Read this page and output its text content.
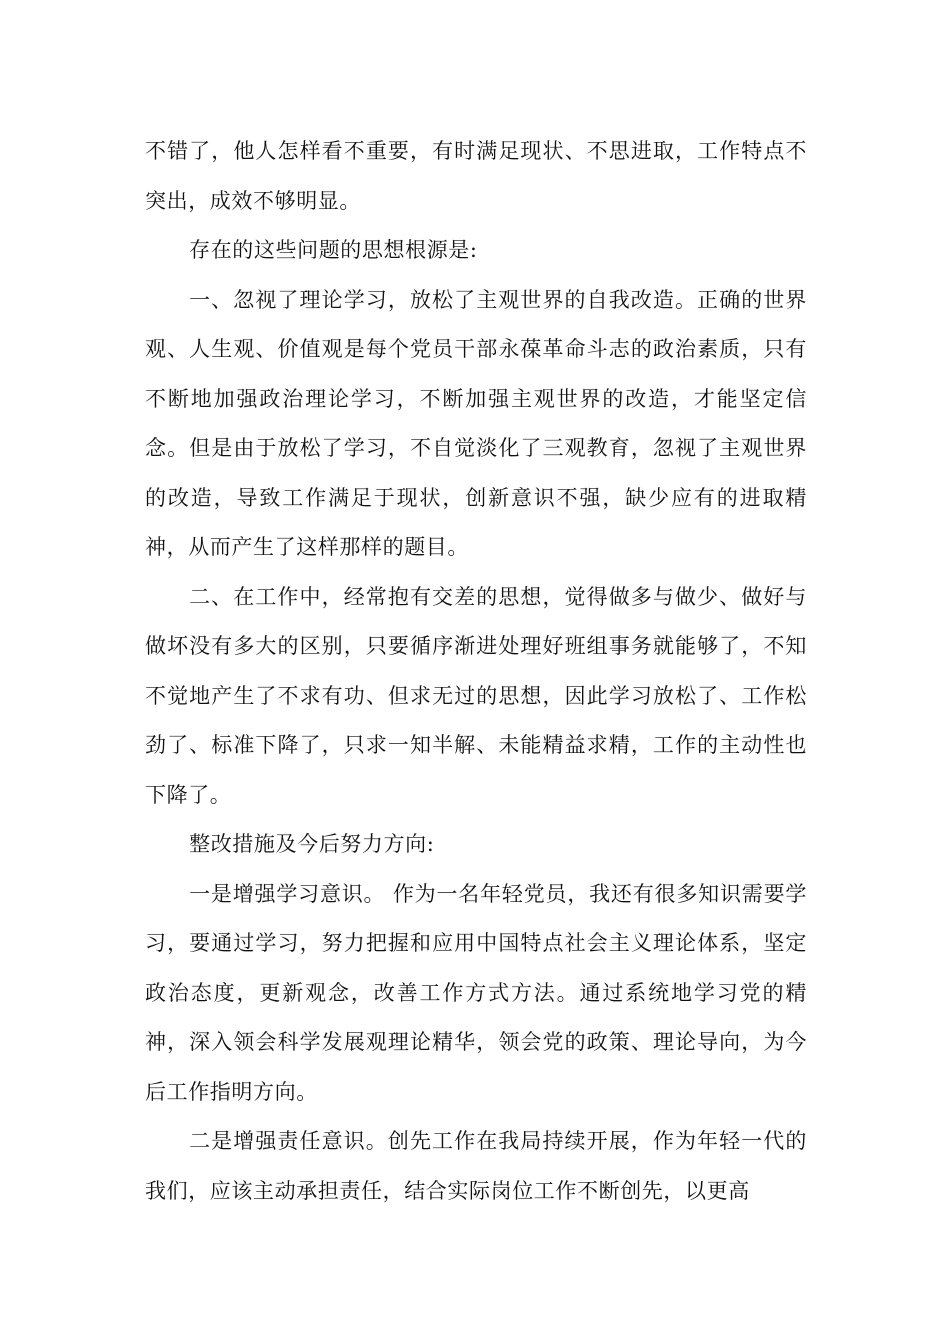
不错了，他人怎样看不重要，有时满足现状、不思进取，工作特点不突出，成效不够明显。

存在的这些问题的思想根源是:

一、忽视了理论学习，放松了主观世界的自我改造。正确的世界观、人生观、价值观是每个党员干部永葆革命斗志的政治素质，只有不断地加强政治理论学习，不断加强主观世界的改造，才能坚定信念。但是由于放松了学习，不自觉淡化了三观教育，忽视了主观世界的改造，导致工作满足于现状，创新意识不强，缺少应有的进取精神，从而产生了这样那样的题目。

二、在工作中，经常抱有交差的思想，觉得做多与做少、做好与做坏没有多大的区别，只要循序渐进处理好班组事务就能够了，不知不觉地产生了不求有功、但求无过的思想，因此学习放松了、工作松劲了、标准下降了，只求一知半解、未能精益求精，工作的主动性也下降了。

整改措施及今后努力方向:

一是增强学习意识。 作为一名年轻党员，我还有很多知识需要学习，要通过学习，努力把握和应用中国特点社会主义理论体系，坚定政治态度，更新观念，改善工作方式方法。通过系统地学习党的精神，深入领会科学发展观理论精华，领会党的政策、理论导向，为今后工作指明方向。

二是增强责任意识。创先工作在我局持续开展，作为年轻一代的我们，应该主动承担责任，结合实际岗位工作不断创先，以更高
